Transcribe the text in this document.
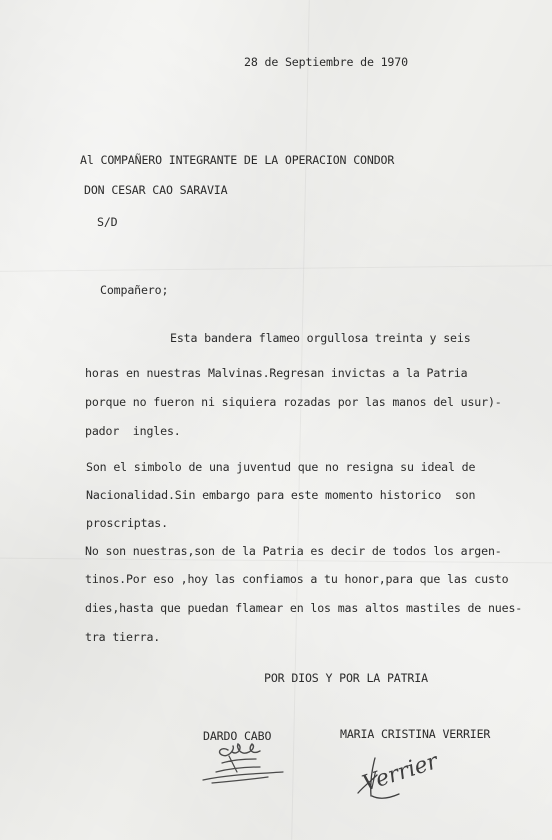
28 de Septiembre de 1970
Al COMPAÑERO INTEGRANTE DE LA OPERACION CONDOR
DON CESAR CAO SARAVIA
S/D
Compañero;
Esta bandera flameo orgullosa treinta y seis
horas en nuestras Malvinas.Regresan invictas a la Patria
porque no fueron ni siquiera rozadas por las manos del usur)-
pador  ingles.
Son el simbolo de una juventud que no resigna su ideal de
Nacionalidad.Sin embargo para este momento historico  son
proscriptas.
No son nuestras,son de la Patria es decir de todos los argen-
tinos.Por eso ,hoy las confiamos a tu honor,para que las custo
dies,hasta que puedan flamear en los mas altos mastiles de nues-
tra tierra.
POR DIOS Y POR LA PATRIA
DARDO CABO	MARIA CRISTINA VERRIER
Verrier
